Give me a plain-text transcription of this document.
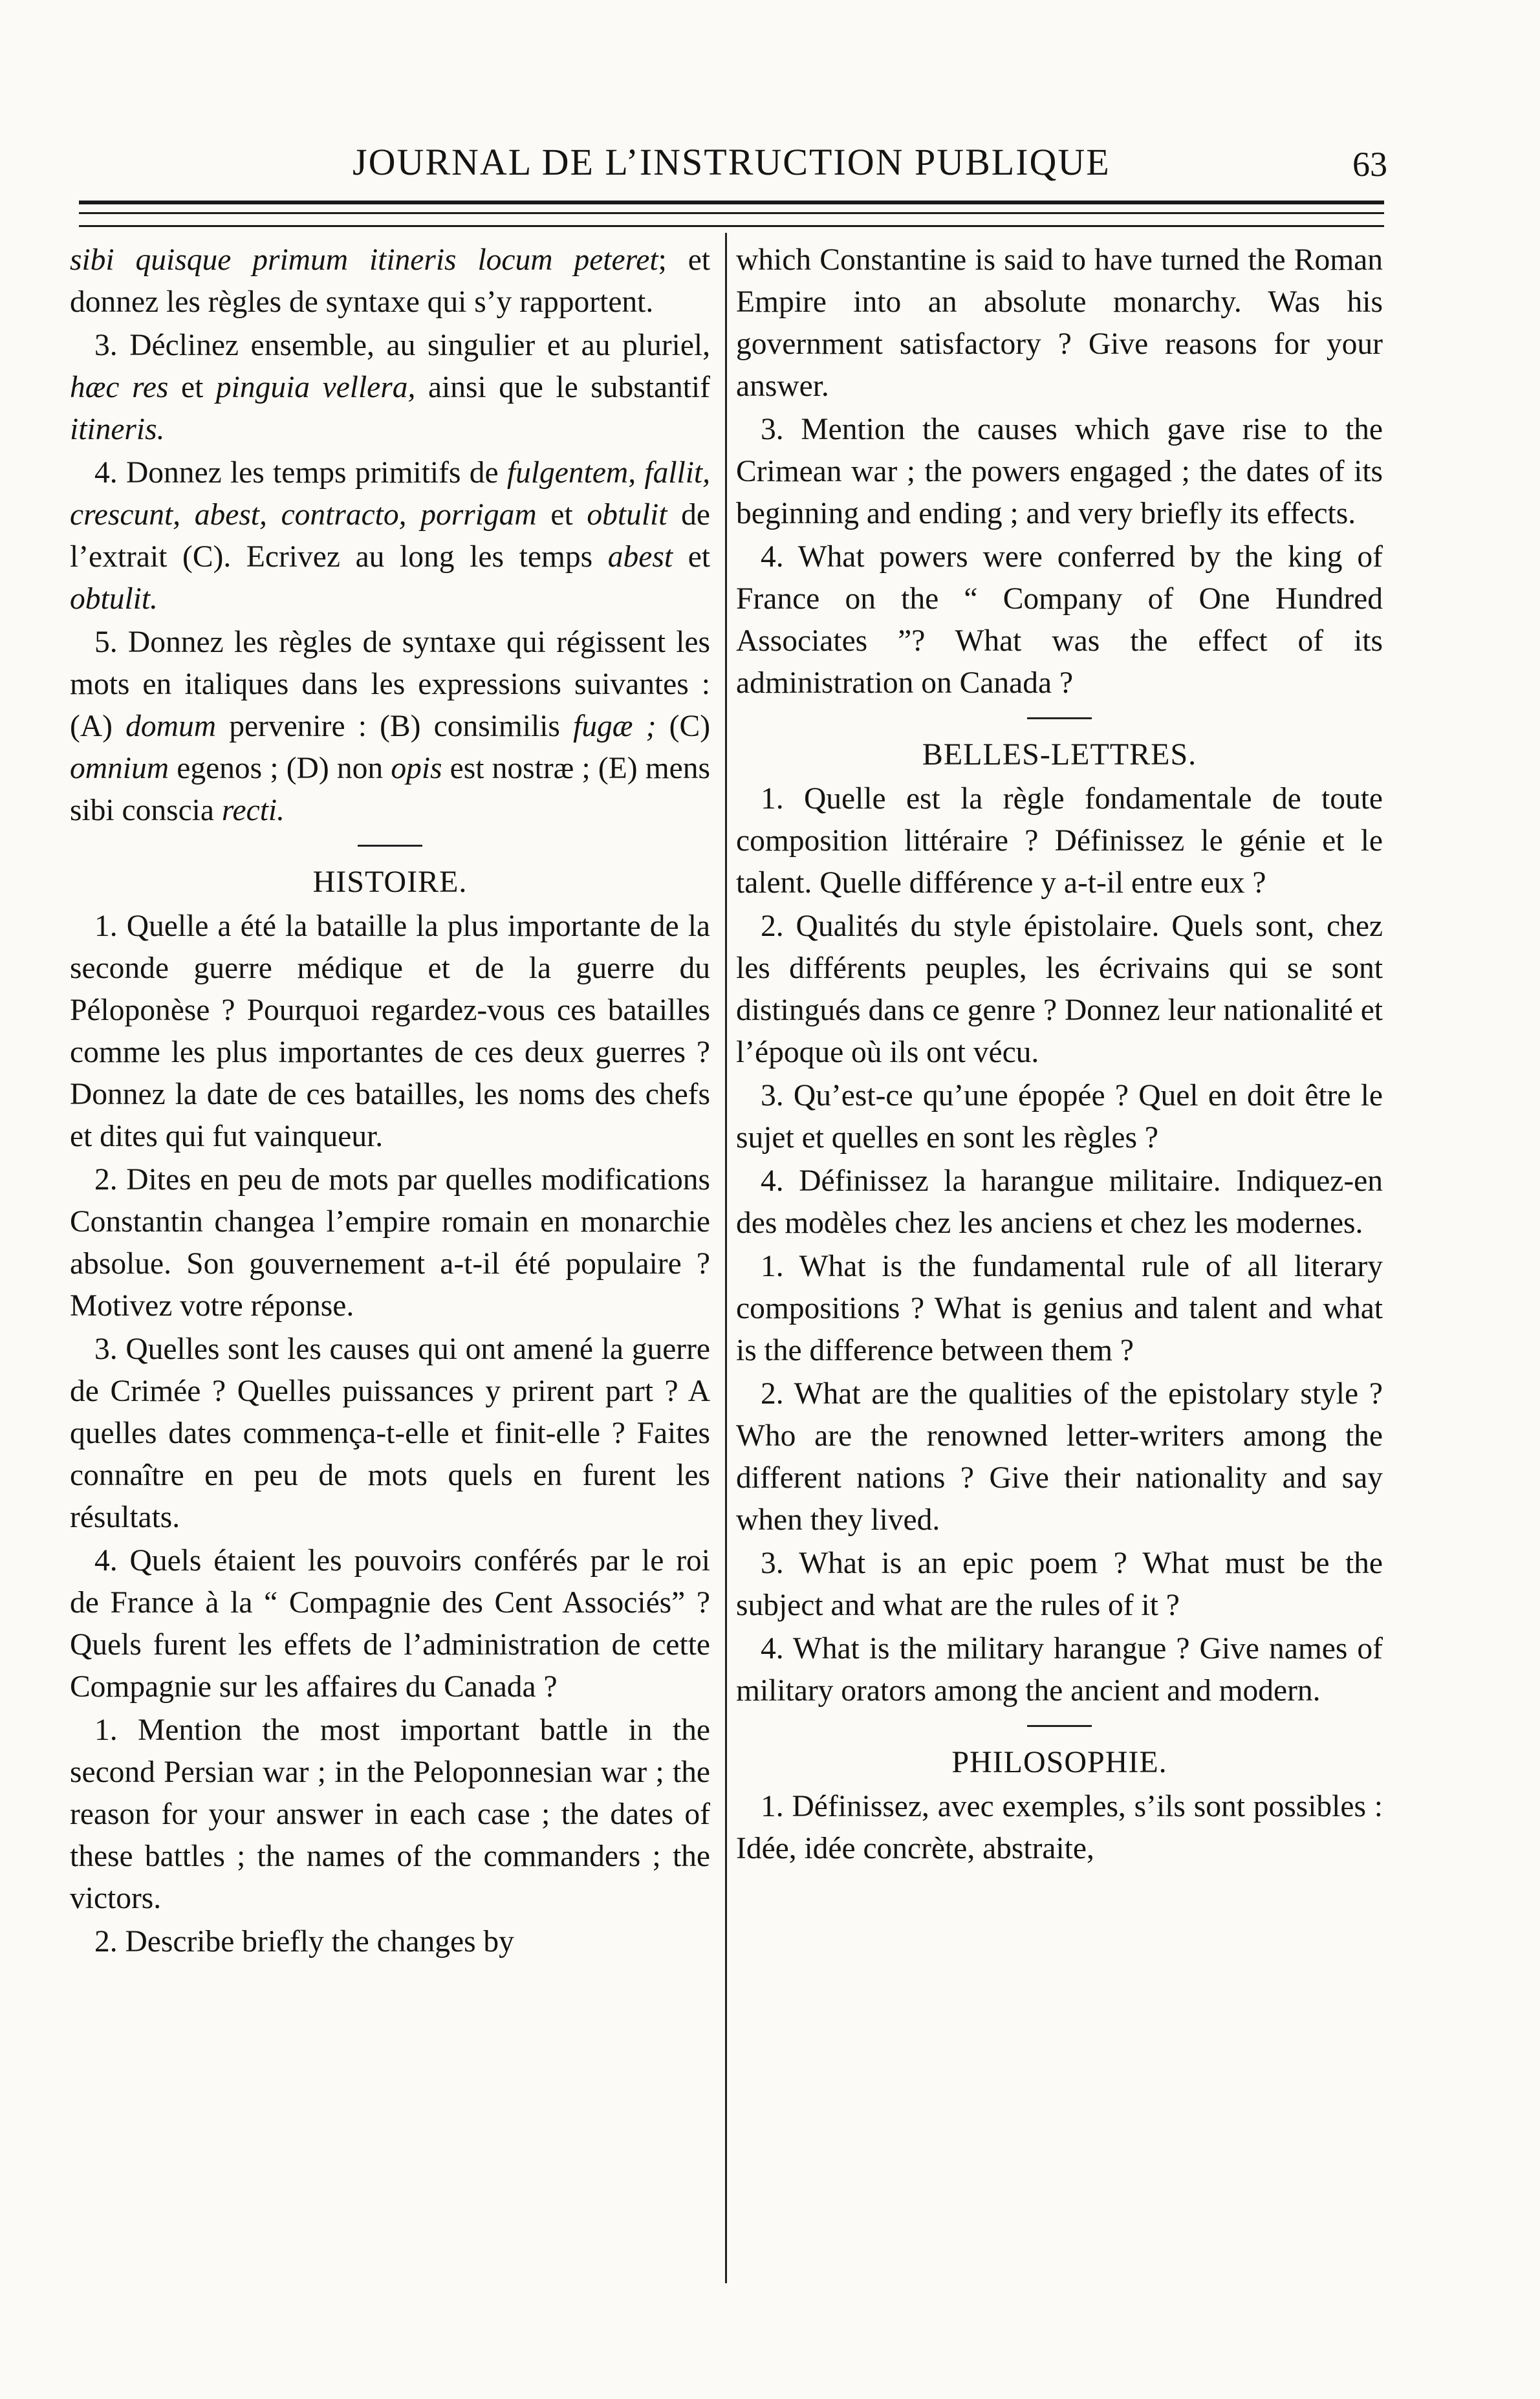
JOURNAL DE L’INSTRUCTION PUBLIQUE	63

sibi quisque primum itineris locum peteret; et donnez les règles de syntaxe qui s’y rapportent.

3. Déclinez ensemble, au singulier et au pluriel, hæc res et pinguia vellera, ainsi que le substantif itineris.

4. Donnez les temps primitifs de fulgentem, fallit, crescunt, abest, contracto, porrigam et obtulit de l’extrait (C). Ecrivez au long les temps abest et obtulit.

5. Donnez les règles de syntaxe qui régissent les mots en italiques dans les expressions suivantes : (A) domum pervenire : (B) consimilis fugæ ; (C) omnium egenos ; (D) non opis est nostræ ; (E) mens sibi conscia recti.

HISTOIRE.

1. Quelle a été la bataille la plus importante de la seconde guerre médique et de la guerre du Péloponèse ? Pourquoi regardez-vous ces batailles comme les plus importantes de ces deux guerres ? Donnez la date de ces batailles, les noms des chefs et dites qui fut vainqueur.

2. Dites en peu de mots par quelles modifications Constantin changea l’empire romain en monarchie absolue. Son gouvernement a-t-il été populaire ? Motivez votre réponse.

3. Quelles sont les causes qui ont amené la guerre de Crimée ? Quelles puissances y prirent part ? A quelles dates commença-t-elle et finit-elle ? Faites connaître en peu de mots quels en furent les résultats.

4. Quels étaient les pouvoirs conférés par le roi de France à la “ Compagnie des Cent Associés” ? Quels furent les effets de l’administration de cette Compagnie sur les affaires du Canada ?

1. Mention the most important battle in the second Persian war ; in the Peloponnesian war ; the reason for your answer in each case ; the dates of these battles ; the names of the commanders ; the victors.

2. Describe briefly the changes by

which Constantine is said to have turned the Roman Empire into an absolute monarchy. Was his government satisfactory ? Give reasons for your answer.

3. Mention the causes which gave rise to the Crimean war ; the powers engaged ; the dates of its beginning and ending ; and very briefly its effects.

4. What powers were conferred by the king of France on the “ Company of One Hundred Associates ”? What was the effect of its administration on Canada ?

BELLES-LETTRES.

1. Quelle est la règle fondamentale de toute composition littéraire ? Définissez le génie et le talent. Quelle différence y a-t-il entre eux ?

2. Qualités du style épistolaire. Quels sont, chez les différents peuples, les écrivains qui se sont distingués dans ce genre ? Donnez leur nationalité et l’époque où ils ont vécu.

3. Qu’est-ce qu’une épopée ? Quel en doit être le sujet et quelles en sont les règles ?

4. Définissez la harangue militaire. Indiquez-en des modèles chez les anciens et chez les modernes.

1. What is the fundamental rule of all literary compositions ? What is genius and talent and what is the difference between them ?

2. What are the qualities of the epistolary style ? Who are the renowned letter-writers among the different nations ? Give their nationality and say when they lived.

3. What is an epic poem ? What must be the subject and what are the rules of it ?

4. What is the military harangue ? Give names of military orators among the ancient and modern.

PHILOSOPHIE.

1. Définissez, avec exemples, s’ils sont possibles : Idée, idée concrète, abstraite,
